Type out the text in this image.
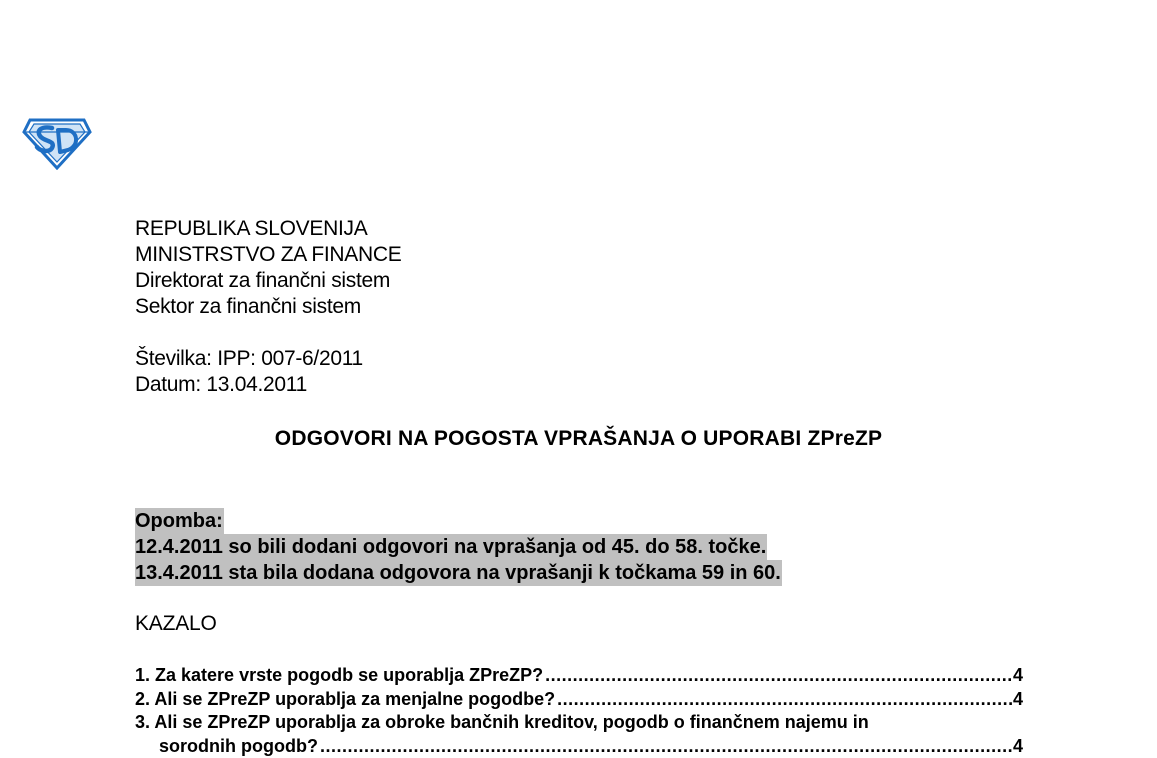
REPUBLIKA SLOVENIJA
MINISTRSTVO ZA FINANCE
Direktorat za finančni sistem
Sektor za finančni sistem
Številka: IPP: 007-6/2011
Datum: 13.04.2011
ODGOVORI NA POGOSTA VPRAŠANJA O UPORABI ZPreZP
Opomba:
12.4.2011 so bili dodani odgovori na vprašanja od 45. do 58. točke.
13.4.2011 sta bila dodana odgovora na vprašanji k točkama 59 in 60.
KAZALO
1. Za katere vrste pogodb se uporablja ZPreZP? .....	4
2. Ali se ZPreZP uporablja za menjalne pogodbe? .....	4
3. Ali se ZPreZP uporablja za obroke bančnih kreditov, pogodb o finančnem najemu in
sorodnih pogodb? .....	4
